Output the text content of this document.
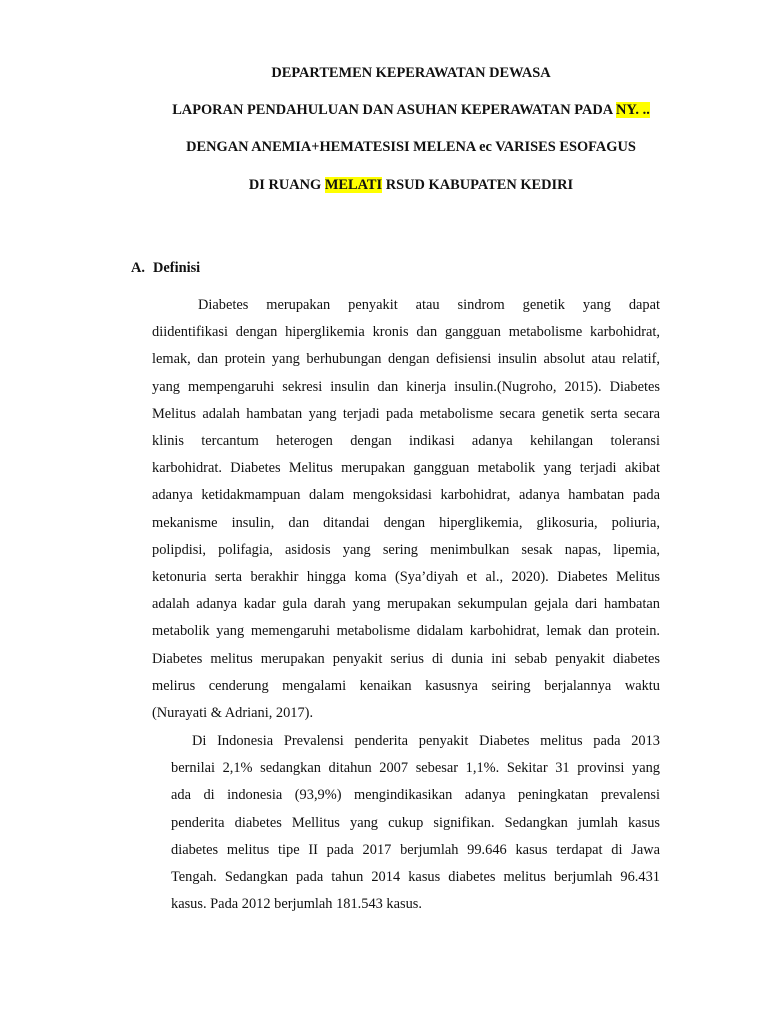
DEPARTEMEN KEPERAWATAN DEWASA
LAPORAN PENDAHULUAN DAN ASUHAN KEPERAWATAN PADA NY. ..
DENGAN ANEMIA+HEMATESISI MELENA ec VARISES ESOFAGUS
DI RUANG MELATI RSUD KABUPATEN KEDIRI
A. Definisi
Diabetes merupakan penyakit atau sindrom genetik yang dapat
diidentifikasi dengan hiperglikemia kronis dan gangguan metabolisme karbohidrat,
lemak, dan protein yang berhubungan dengan defisiensi insulin absolut atau relatif,
yang mempengaruhi sekresi insulin dan kinerja insulin.(Nugroho, 2015). Diabetes
Melitus adalah hambatan yang terjadi pada metabolisme secara genetik serta secara
klinis tercantum heterogen dengan indikasi adanya kehilangan toleransi
karbohidrat. Diabetes Melitus merupakan gangguan metabolik yang terjadi akibat
adanya ketidakmampuan dalam mengoksidasi karbohidrat, adanya hambatan pada
mekanisme insulin, dan ditandai dengan hiperglikemia, glikosuria, poliuria,
polipdisi, polifagia, asidosis yang sering menimbulkan sesak napas, lipemia,
ketonuria serta berakhir hingga koma (Sya’diyah et al., 2020). Diabetes Melitus
adalah adanya kadar gula darah yang merupakan sekumpulan gejala dari hambatan
metabolik yang memengaruhi metabolisme didalam karbohidrat, lemak dan protein.
Diabetes melitus merupakan penyakit serius di dunia ini sebab penyakit diabetes
melirus cenderung mengalami kenaikan kasusnya seiring berjalannya waktu
(Nurayati & Adriani, 2017).
Di Indonesia Prevalensi penderita penyakit Diabetes melitus pada 2013
bernilai 2,1% sedangkan ditahun 2007 sebesar 1,1%. Sekitar 31 provinsi yang
ada di indonesia (93,9%) mengindikasikan adanya peningkatan prevalensi
penderita diabetes Mellitus yang cukup signifikan. Sedangkan jumlah kasus
diabetes melitus tipe II pada 2017 berjumlah 99.646 kasus terdapat di Jawa
Tengah. Sedangkan pada tahun 2014 kasus diabetes melitus berjumlah 96.431
kasus. Pada 2012 berjumlah 181.543 kasus.
